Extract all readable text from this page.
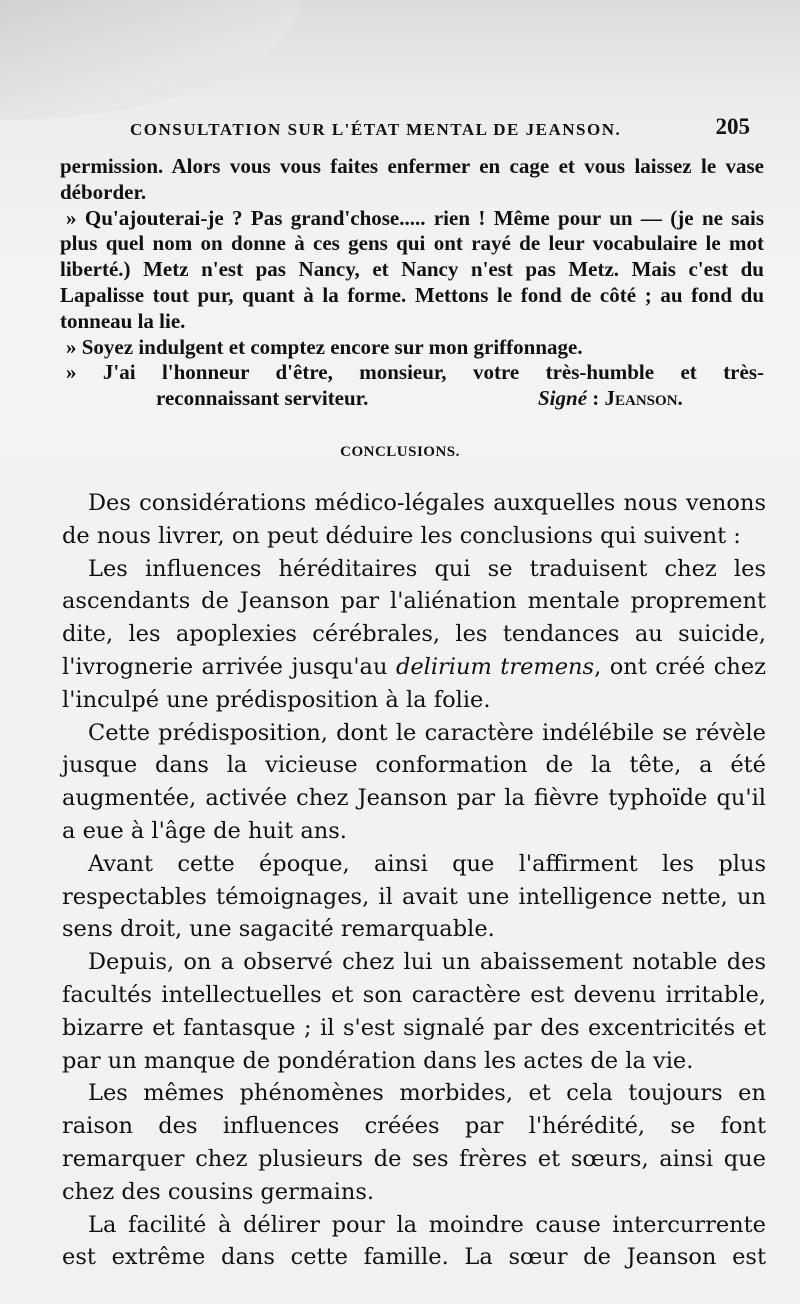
CONSULTATION SUR L'ÉTAT MENTAL DE JEANSON.	205

permission. Alors vous vous faites enfermer en cage et vous laissez le vase déborder.

» Qu'ajouterai-je ? Pas grand'chose..... rien ! Même pour un — (je ne sais plus quel nom on donne à ces gens qui ont rayé de leur vocabulaire le mot liberté.) Metz n'est pas Nancy, et Nancy n'est pas Metz. Mais c'est du Lapalisse tout pur, quant à la forme. Mettons le fond de côté ; au fond du tonneau la lie.

» Soyez indulgent et comptez encore sur mon griffonnage.

» J'ai l'honneur d'être, monsieur, votre très-humble et très-

reconnaissant serviteur.	Signé : Jeanson.

CONCLUSIONS.

Des considérations médico-légales auxquelles nous venons de nous livrer, on peut déduire les conclusions qui suivent :

Les influences héréditaires qui se traduisent chez les ascendants de Jeanson par l'aliénation mentale proprement dite, les apoplexies cérébrales, les tendances au suicide, l'ivrognerie arrivée jusqu'au delirium tremens, ont créé chez l'inculpé une prédisposition à la folie.

Cette prédisposition, dont le caractère indélébile se révèle jusque dans la vicieuse conformation de la tête, a été augmentée, activée chez Jeanson par la fièvre typhoïde qu'il a eue à l'âge de huit ans.

Avant cette époque, ainsi que l'affirment les plus respectables témoignages, il avait une intelligence nette, un sens droit, une sagacité remarquable.

Depuis, on a observé chez lui un abaissement notable des facultés intellectuelles et son caractère est devenu irritable, bizarre et fantasque ; il s'est signalé par des excentricités et par un manque de pondération dans les actes de la vie.

Les mêmes phénomènes morbides, et cela toujours en raison des influences créées par l'hérédité, se font remarquer chez plusieurs de ses frères et sœurs, ainsi que chez des cousins germains.

La facilité à délirer pour la moindre cause intercurrente est extrême dans cette famille. La sœur de Jeanson est
